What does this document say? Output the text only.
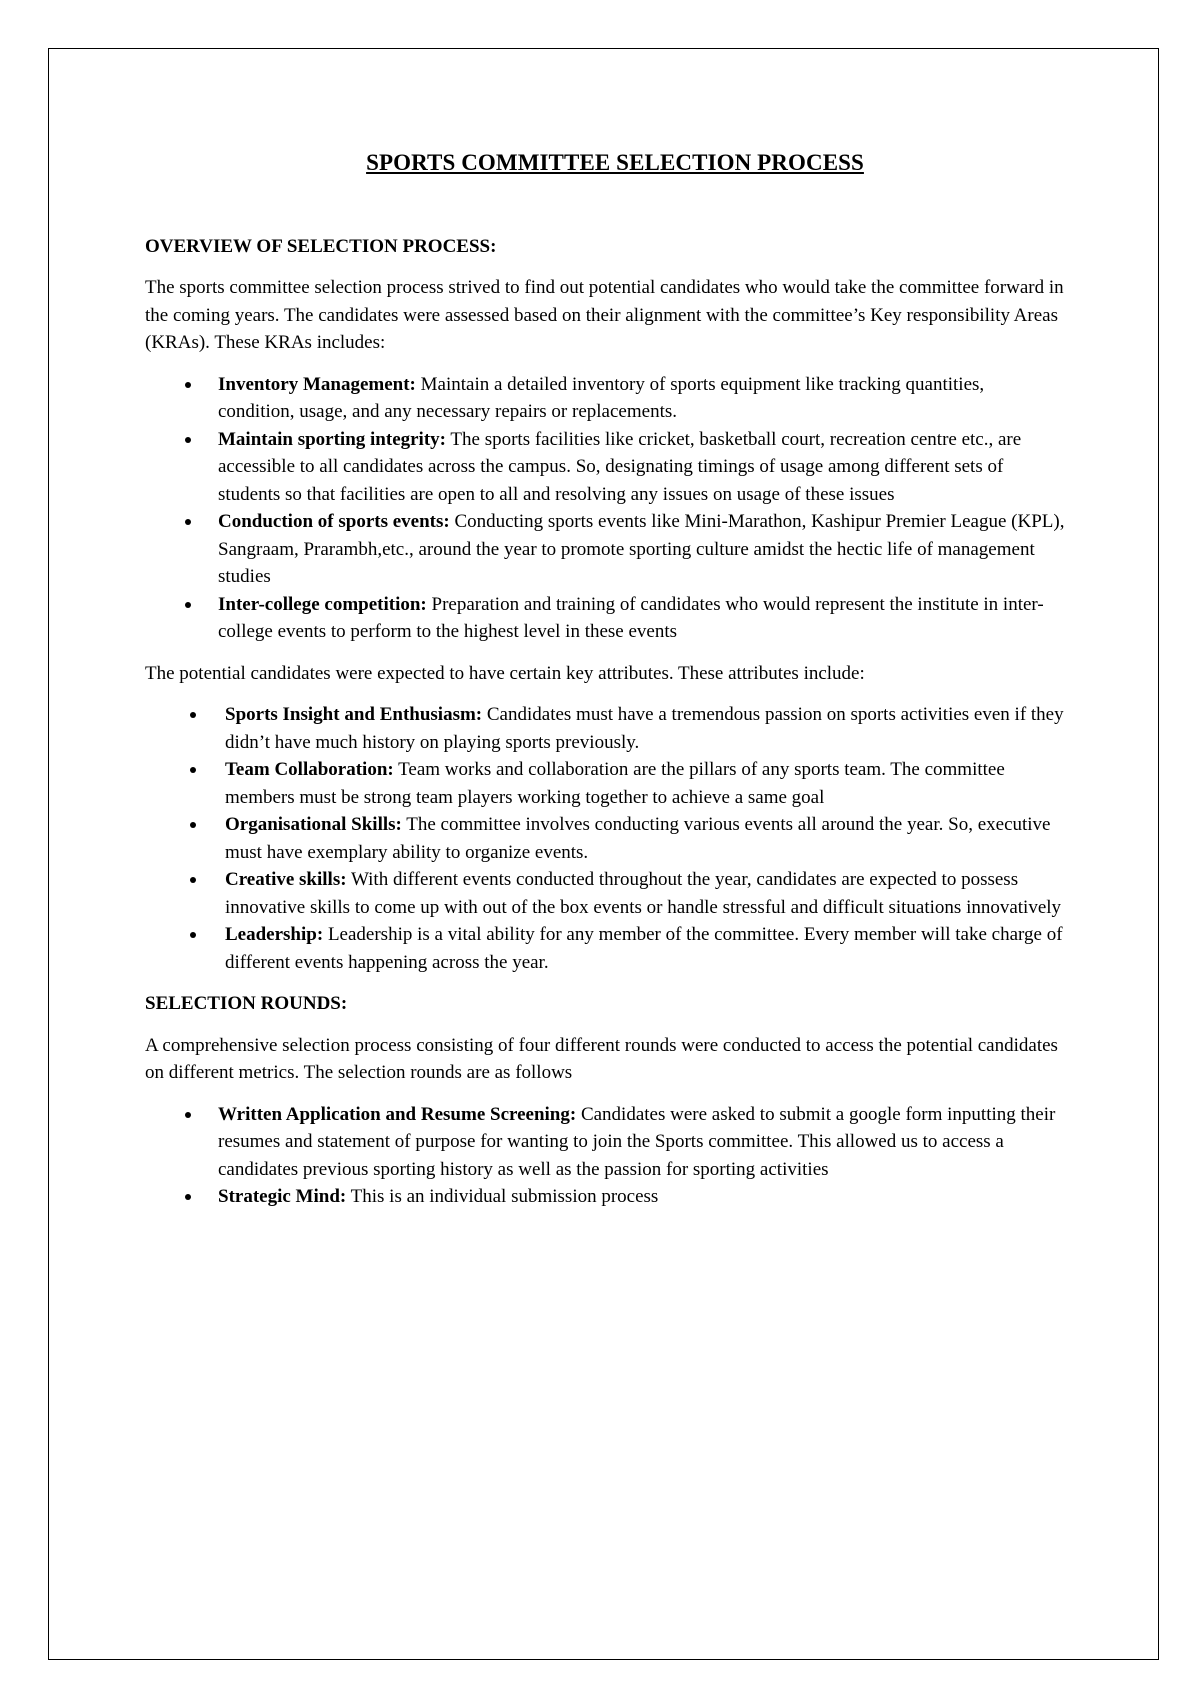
SPORTS COMMITTEE SELECTION PROCESS
OVERVIEW OF SELECTION PROCESS:

The sports committee selection process strived to find out potential candidates who would take the committee forward in the coming years. The candidates were assessed based on their alignment with the committee’s Key responsibility Areas (KRAs). These KRAs includes:

Inventory Management: Maintain a detailed inventory of sports equipment like tracking quantities, condition, usage, and any necessary repairs or replacements.
Maintain sporting integrity: The sports facilities like cricket, basketball court, recreation centre etc., are accessible to all candidates across the campus. So, designating timings of usage among different sets of students so that facilities are open to all and resolving any issues on usage of these issues
Conduction of sports events: Conducting sports events like Mini-Marathon, Kashipur Premier League (KPL), Sangraam, Prarambh,etc., around the year to promote sporting culture amidst the hectic life of management studies
Inter-college competition: Preparation and training of candidates who would represent the institute in inter-college events to perform to the highest level in these events

The potential candidates were expected to have certain key attributes. These attributes include:

Sports Insight and Enthusiasm: Candidates must have a tremendous passion on sports activities even if they didn’t have much history on playing sports previously.
Team Collaboration: Team works and collaboration are the pillars of any sports team. The committee members must be strong team players working together to achieve a same goal
Organisational Skills: The committee involves conducting various events all around the year. So, executive must have exemplary ability to organize events.
Creative skills: With different events conducted throughout the year, candidates are expected to possess innovative skills to come up with out of the box events or handle stressful and difficult situations innovatively
Leadership: Leadership is a vital ability for any member of the committee. Every member will take charge of different events happening across the year.
SELECTION ROUNDS:

A comprehensive selection process consisting of four different rounds were conducted to access the potential candidates on different metrics. The selection rounds are as follows

Written Application and Resume Screening: Candidates were asked to submit a google form inputting their resumes and statement of purpose for wanting to join the Sports committee. This allowed us to access a candidates previous sporting history as well as the passion for sporting activities
Strategic Mind: This is an individual submission process
